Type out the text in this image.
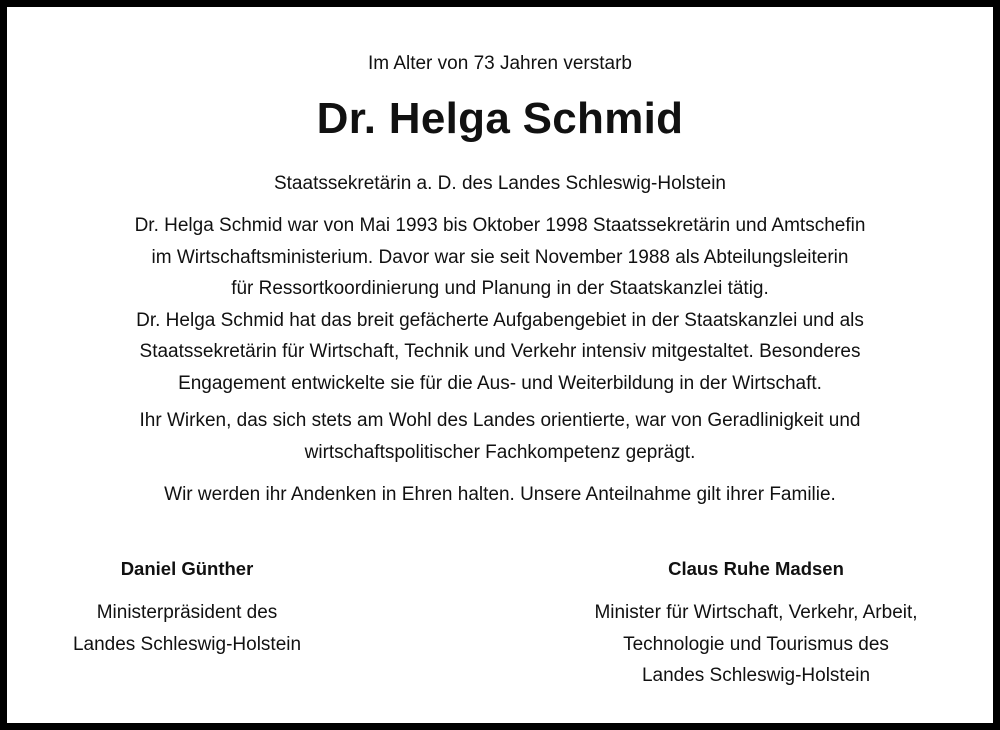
Im Alter von 73 Jahren verstarb
Dr. Helga Schmid
Staatssekretärin a. D. des Landes Schleswig-Holstein
Dr. Helga Schmid war von Mai 1993 bis Oktober 1998 Staatssekretärin und Amtschefin
im Wirtschaftsministerium. Davor war sie seit November 1988 als Abteilungsleiterin
für Ressortkoordinierung und Planung in der Staatskanzlei tätig.
Dr. Helga Schmid hat das breit gefächerte Aufgabengebiet in der Staatskanzlei und als
Staatssekretärin für Wirtschaft, Technik und Verkehr intensiv mitgestaltet. Besonderes
Engagement entwickelte sie für die Aus- und Weiterbildung in der Wirtschaft.
Ihr Wirken, das sich stets am Wohl des Landes orientierte, war von Geradlinigkeit und
wirtschaftspolitischer Fachkompetenz geprägt.
Wir werden ihr Andenken in Ehren halten. Unsere Anteilnahme gilt ihrer Familie.
Daniel Günther
Ministerpräsident des
Landes Schleswig-Holstein
Claus Ruhe Madsen
Minister für Wirtschaft, Verkehr, Arbeit,
Technologie und Tourismus des
Landes Schleswig-Holstein
